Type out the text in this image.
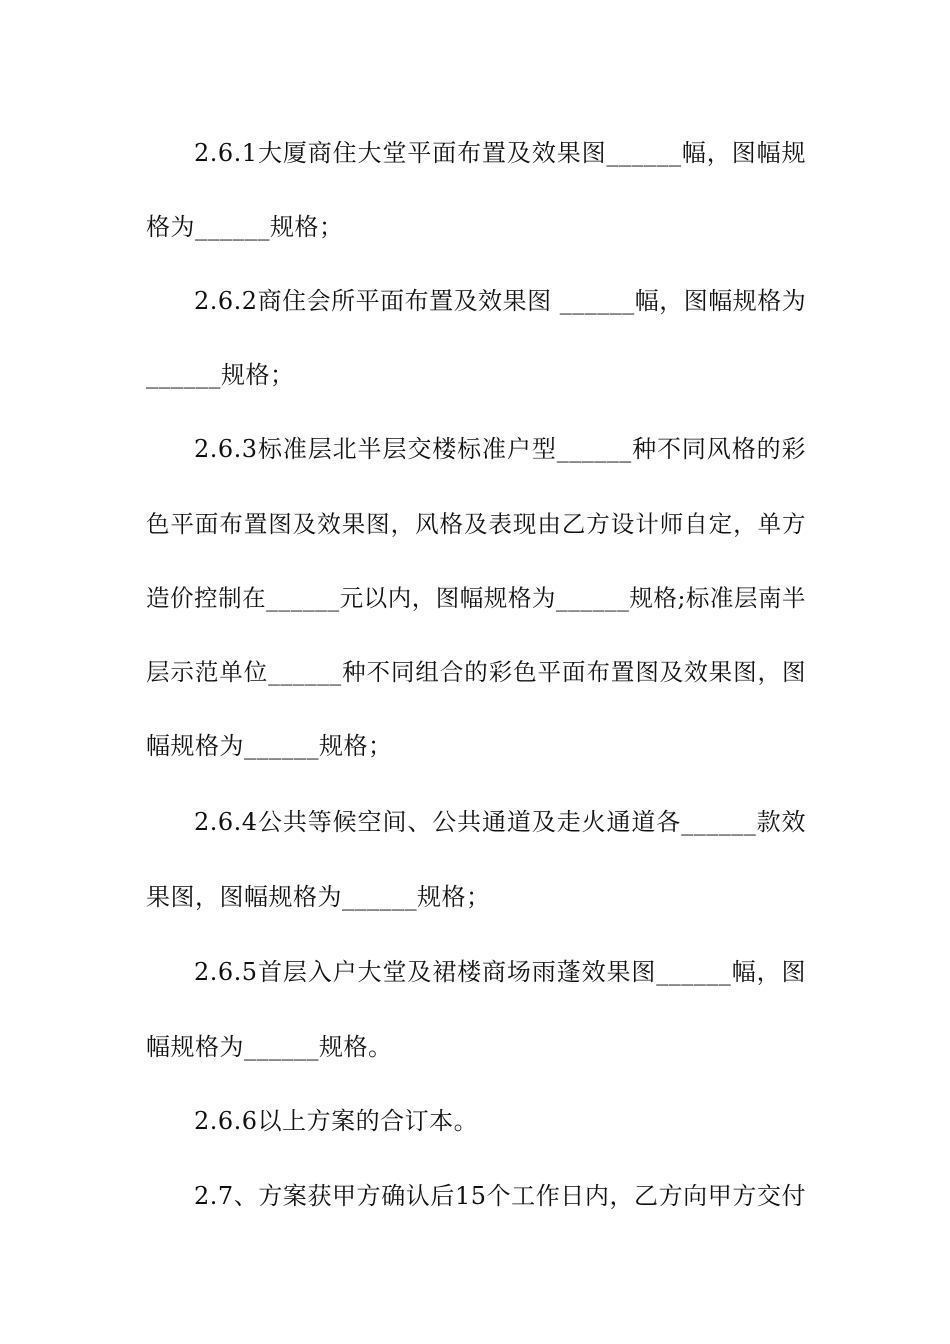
2.6.1大厦商住大堂平面布置及效果图______幅，图幅规
格为______规格；
2.6.2商住会所平面布置及效果图 ______幅，图幅规格为
______规格；
2.6.3标准层北半层交楼标准户型______种不同风格的彩
色平面布置图及效果图，风格及表现由乙方设计师自定，单方
造价控制在______元以内，图幅规格为______规格;标准层南半
层示范单位______种不同组合的彩色平面布置图及效果图，图
幅规格为______规格；
2.6.4公共等候空间、公共通道及走火通道各______款效
果图，图幅规格为______规格；
2.6.5首层入户大堂及裙楼商场雨蓬效果图______幅，图
幅规格为______规格。
2.6.6以上方案的合订本。
2.7、方案获甲方确认后15个工作日内，乙方向甲方交付
